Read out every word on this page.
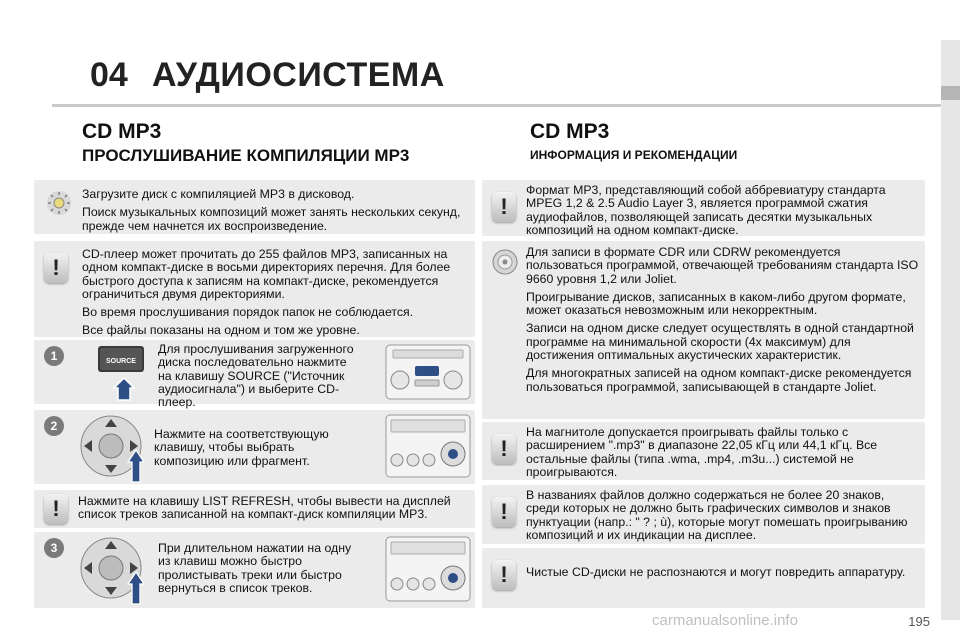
04 АУДИОСИСТЕМА
CD MP3
ПРОСЛУШИВАНИЕ КОМПИЛЯЦИИ MP3

Загрузите диск с компиляцией MP3 в дисковод.

Поиск музыкальных композиций может занять нескольких секунд, прежде чем начнется их воспроизведение.

!

CD-плеер может прочитать до 255 файлов MP3, записанных на одном компакт-диске в восьми директориях перечня. Для более быстрого доступа к записям на компакт-диске, рекомендуется ограничиться двумя директориями.

Во время прослушивания порядок папок не соблюдается.

Все файлы показаны на одном и том же уровне.

1	SOURCE
Для прослушивания загруженного диска последовательно нажмите на клавишу SOURCE ("Источник аудиосигнала") и выберите CD-плеер.
2
Нажмите на соответствующую клавишу, чтобы выбрать композицию или фрагмент.
!	Нажмите на клавишу LIST REFRESH, чтобы вывести на дисплей список треков записанной на компакт-диск компиляции MP3.
3	При длительном нажатии на одну из клавиш можно быстро пролистывать треки или быстро вернуться в список треков.
CD MP3
ИНФОРМАЦИЯ И РЕКОМЕНДАЦИИ
!
Формат MP3, представляющий собой аббревиатуру стандарта MPEG 1,2 & 2.5 Audio Layer 3, является программой сжатия аудиофайлов, позволяющей записать десятки музыкальных композиций на одном компакт-диске.

Для записи в формате CDR или CDRW рекомендуется пользоваться программой, отвечающей требованиям стандарта ISO 9660 уровня 1,2 или Joliet.

Проигрывание дисков, записанных в каком-либо другом формате, может оказаться невозможным или некорректным.

Записи на одном диске следует осуществлять в одной стандартной программе на минимальной скорости (4х максимум) для достижения оптимальных акустических характеристик.

Для многократных записей на одном компакт-диске рекомендуется пользоваться программой, записывающей в стандарте Joliet.

!
На магнитоле допускается проигрывать файлы только с расширением ".mp3" в диапазоне 22,05 кГц или 44,1 кГц. Все остальные файлы (типа .wma, .mp4, .m3u...) системой не проигрываются.
!
В названиях файлов должно содержаться не более 20 знаков, среди которых не должно быть графических символов и знаков пунктуации (напр.: " ? ; ù), которые могут помешать проигрыванию композиций и их индикации на дисплее.
!	Чистые CD-диски не распознаются и могут повредить аппаратуру.
carmanualsonline.info	195
